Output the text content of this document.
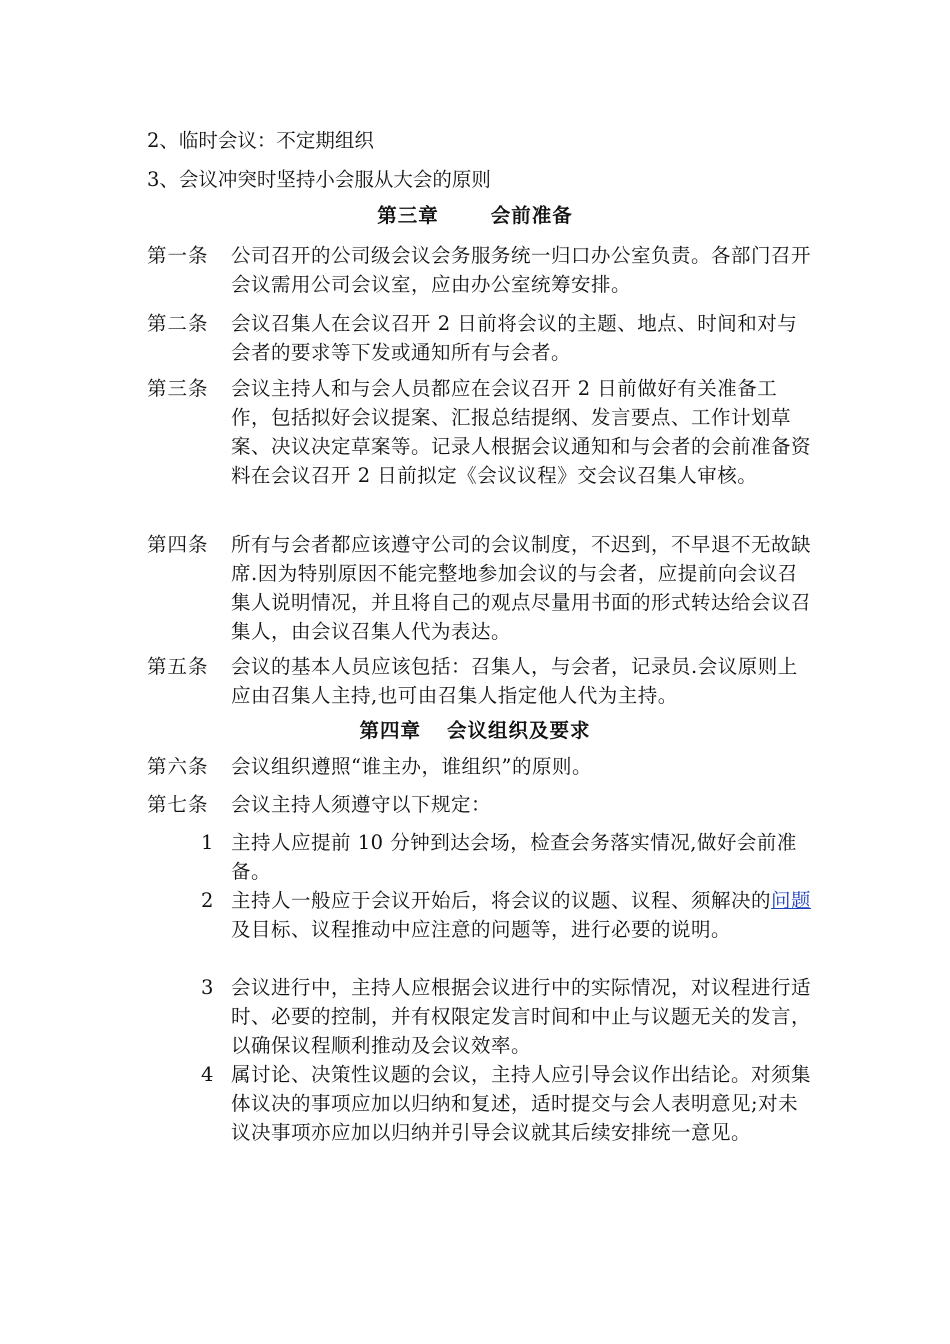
2、临时会议：不定期组织
3、会议冲突时坚持小会服从大会的原则
第三章	会前准备
第一条 公司召开的公司级会议会务服务统一归口办公室负责。各部门召开会议需用公司会议室，应由办公室统筹安排。
第二条 会议召集人在会议召开 2 日前将会议的主题、地点、时间和对与会者的要求等下发或通知所有与会者。
第三条 会议主持人和与会人员都应在会议召开 2 日前做好有关准备工作，包括拟好会议提案、汇报总结提纲、发言要点、工作计划草案、决议决定草案等。记录人根据会议通知和与会者的会前准备资料在会议召开 2 日前拟定《会议议程》交会议召集人审核。
第四条 所有与会者都应该遵守公司的会议制度，不迟到，不早退不无故缺席.因为特别原因不能完整地参加会议的与会者，应提前向会议召集人说明情况，并且将自己的观点尽量用书面的形式转达给会议召集人，由会议召集人代为表达。
第五条 会议的基本人员应该包括：召集人，与会者，记录员.会议原则上应由召集人主持,也可由召集人指定他人代为主持。
第四章 会议组织及要求
第六条 会议组织遵照“谁主办，谁组织”的原则。
第七条 会议主持人须遵守以下规定：
1 主持人应提前 10 分钟到达会场，检查会务落实情况,做好会前准备。
2 主持人一般应于会议开始后，将会议的议题、议程、须解决的问题及目标、议程推动中应注意的问题等，进行必要的说明。
3 会议进行中，主持人应根据会议进行中的实际情况，对议程进行适时、必要的控制，并有权限定发言时间和中止与议题无关的发言，以确保议程顺利推动及会议效率。
4 属讨论、决策性议题的会议，主持人应引导会议作出结论。对须集体议决的事项应加以归纳和复述，适时提交与会人表明意见;对未议决事项亦应加以归纳并引导会议就其后续安排统一意见。
